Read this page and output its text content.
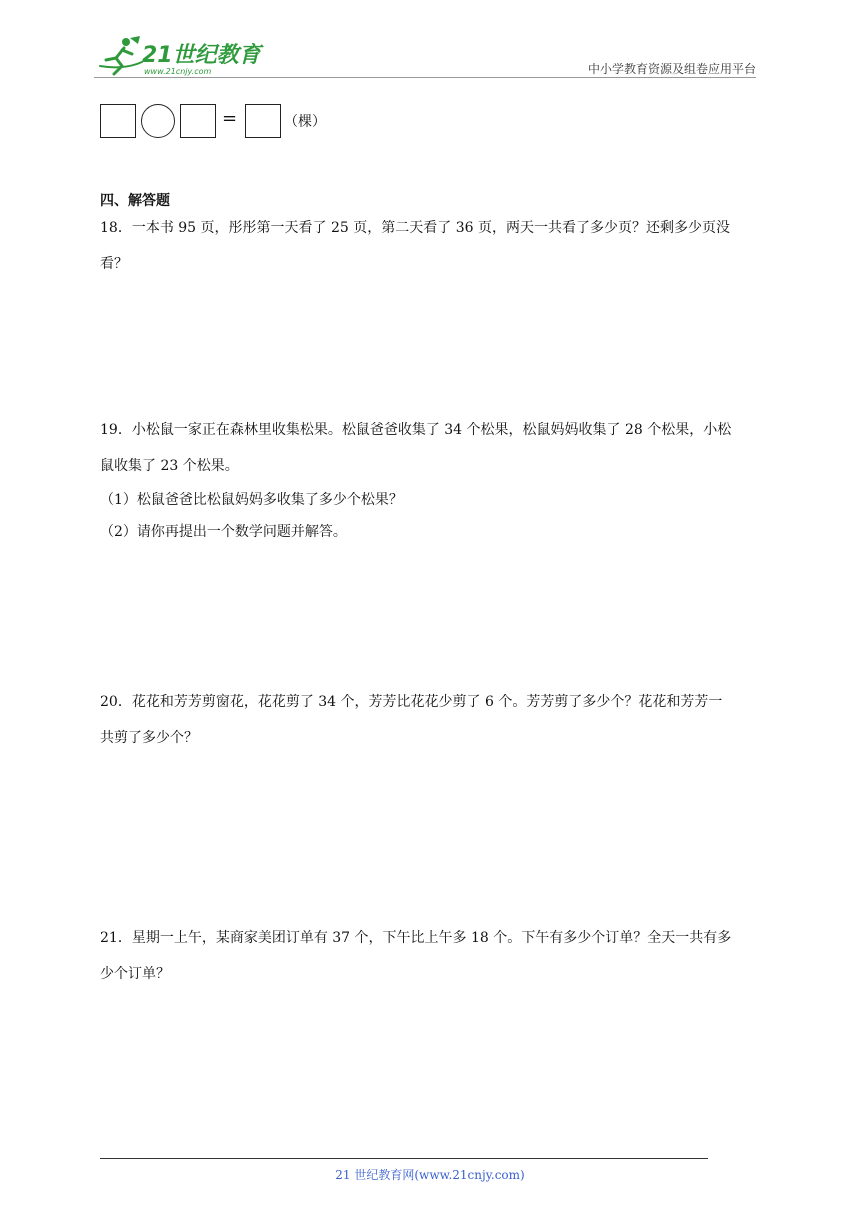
21世纪教育
www.21cnjy.com	中小学教育资源及组卷应用平台
=	（棵）
四、解答题

18．一本书 95 页，彤彤第一天看了 25 页，第二天看了 36 页，两天一共看了多少页？还剩多少页没

看？

19．小松鼠一家正在森林里收集松果。松鼠爸爸收集了 34 个松果，松鼠妈妈收集了 28 个松果，小松

鼠收集了 23 个松果。

（1）松鼠爸爸比松鼠妈妈多收集了多少个松果？
（2）请你再提出一个数学问题并解答。

20．花花和芳芳剪窗花，花花剪了 34 个，芳芳比花花少剪了 6 个。芳芳剪了多少个？花花和芳芳一

共剪了多少个？

21．星期一上午，某商家美团订单有 37 个，下午比上午多 18 个。下午有多少个订单？全天一共有多

少个订单？

21 世纪教育网(www.21cnjy.com)
